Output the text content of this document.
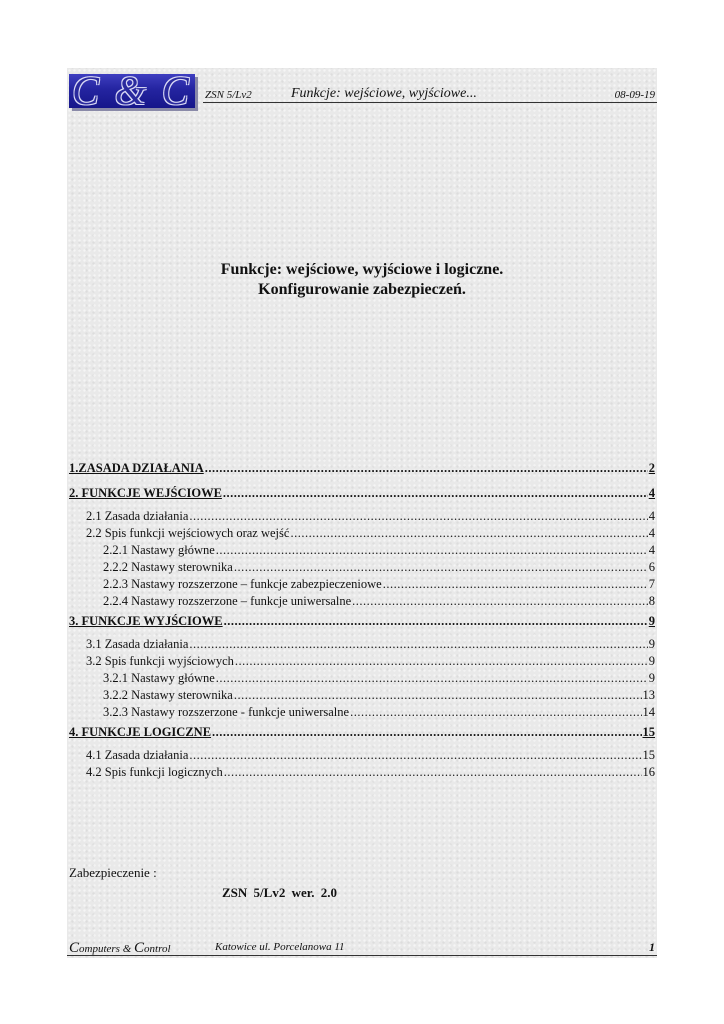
C & C ZSN 5/Lv2	Funkcje: wejściowe, wyjściowe...	08-09-19
Funkcje: wejściowe, wyjściowe i logiczne.
Konfigurowanie zabezpieczeń.
1.ZASADA DZIAŁANIA .....	2
2. FUNKCJE WEJŚCIOWE .....	4
2.1 Zasada działania .....	4
2.2 Spis funkcji wejściowych oraz wejść .....	4
2.2.1 Nastawy główne .....	4
2.2.2 Nastawy sterownika .....	6
2.2.3 Nastawy rozszerzone – funkcje zabezpieczeniowe .....	7
2.2.4 Nastawy rozszerzone – funkcje uniwersalne .....	8
3. FUNKCJE WYJŚCIOWE .....	9
3.1 Zasada działania .....	9
3.2 Spis funkcji wyjściowych .....	9
3.2.1 Nastawy główne .....	9
3.2.2 Nastawy sterownika .....	13
3.2.3 Nastawy rozszerzone - funkcje uniwersalne .....	14
4. FUNKCJE LOGICZNE .....	15
4.1 Zasada działania .....	15
4.2 Spis funkcji logicznych .....	16
Zabezpieczenie :
ZSN 5/Lv2 wer. 2.0
Computers & Control	Katowice ul. Porcelanowa 11	1
